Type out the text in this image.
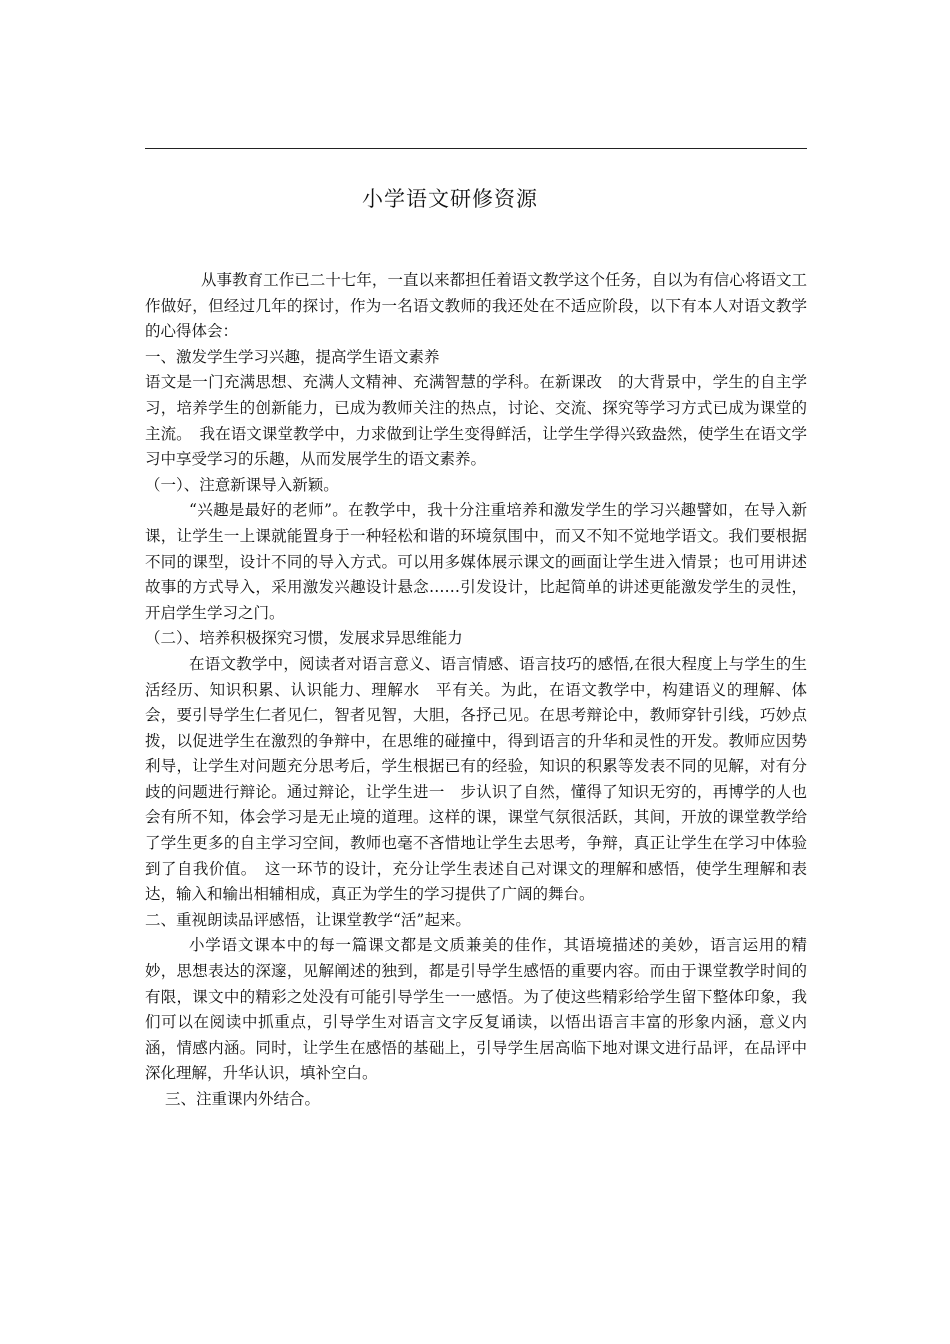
小学语文研修资源

从事教育工作已二十七年，一直以来都担任着语文教学这个任务，自以为有信心将语文工作做好，但经过几年的探讨，作为一名语文教师的我还处在不适应阶段，以下有本人对语文教学的心得体会：

一、激发学生学习兴趣，提高学生语文素养

语文是一门充满思想、充满人文精神、充满智慧的学科。在新课改　的大背景中，学生的自主学习，培养学生的创新能力，已成为教师关注的热点，讨论、交流、探究等学习方式已成为课堂的主流。　我在语文课堂教学中，力求做到让学生变得鲜活，让学生学得兴致盎然，使学生在语文学习中享受学习的乐趣，从而发展学生的语文素养。

（一）、注意新课导入新颖。

“兴趣是最好的老师”。在教学中，我十分注重培养和激发学生的学习兴趣譬如，在导入新课，让学生一上课就能置身于一种轻松和谐的环境氛围中，而又不知不觉地学语文。我们要根据不同的课型，设计不同的导入方式。可以用多媒体展示课文的画面让学生进入情景；也可用讲述故事的方式导入，采用激发兴趣设计悬念……引发设计，比起简单的讲述更能激发学生的灵性，开启学生学习之门。

（二）、培养积极探究习惯，发展求异思维能力

在语文教学中，阅读者对语言意义、语言情感、语言技巧的感悟,在很大程度上与学生的生活经历、知识积累、认识能力、理解水　平有关。为此，在语文教学中，构建语义的理解、体会，要引导学生仁者见仁，智者见智，大胆，各抒己见。在思考辩论中，教师穿针引线，巧妙点拨，以促进学生在激烈的争辩中，在思维的碰撞中，得到语言的升华和灵性的开发。教师应因势利导，让学生对问题充分思考后，学生根据已有的经验，知识的积累等发表不同的见解，对有分歧的问题进行辩论。通过辩论，让学生进一　步认识了自然，懂得了知识无穷的，再博学的人也会有所不知，体会学习是无止境的道理。这样的课，课堂气氛很活跃，其间，开放的课堂教学给了学生更多的自主学习空间，教师也毫不吝惜地让学生去思考，争辩，真正让学生在学习中体验到了自我价值。　这一环节的设计，充分让学生表述自己对课文的理解和感悟，使学生理解和表达，输入和输出相辅相成，真正为学生的学习提供了广阔的舞台。

二、重视朗读品评感悟，让课堂教学“活”起来。

小学语文课本中的每一篇课文都是文质兼美的佳作，其语境描述的美妙，语言运用的精妙，思想表达的深邃，见解阐述的独到，都是引导学生感悟的重要内容。而由于课堂教学时间的有限，课文中的精彩之处没有可能引导学生一一感悟。为了使这些精彩给学生留下整体印象，我们可以在阅读中抓重点，引导学生对语言文字反复诵读，以悟出语言丰富的形象内涵，意义内涵，情感内涵。同时，让学生在感悟的基础上，引导学生居高临下地对课文进行品评，在品评中深化理解，升华认识，填补空白。

三、注重课内外结合。
